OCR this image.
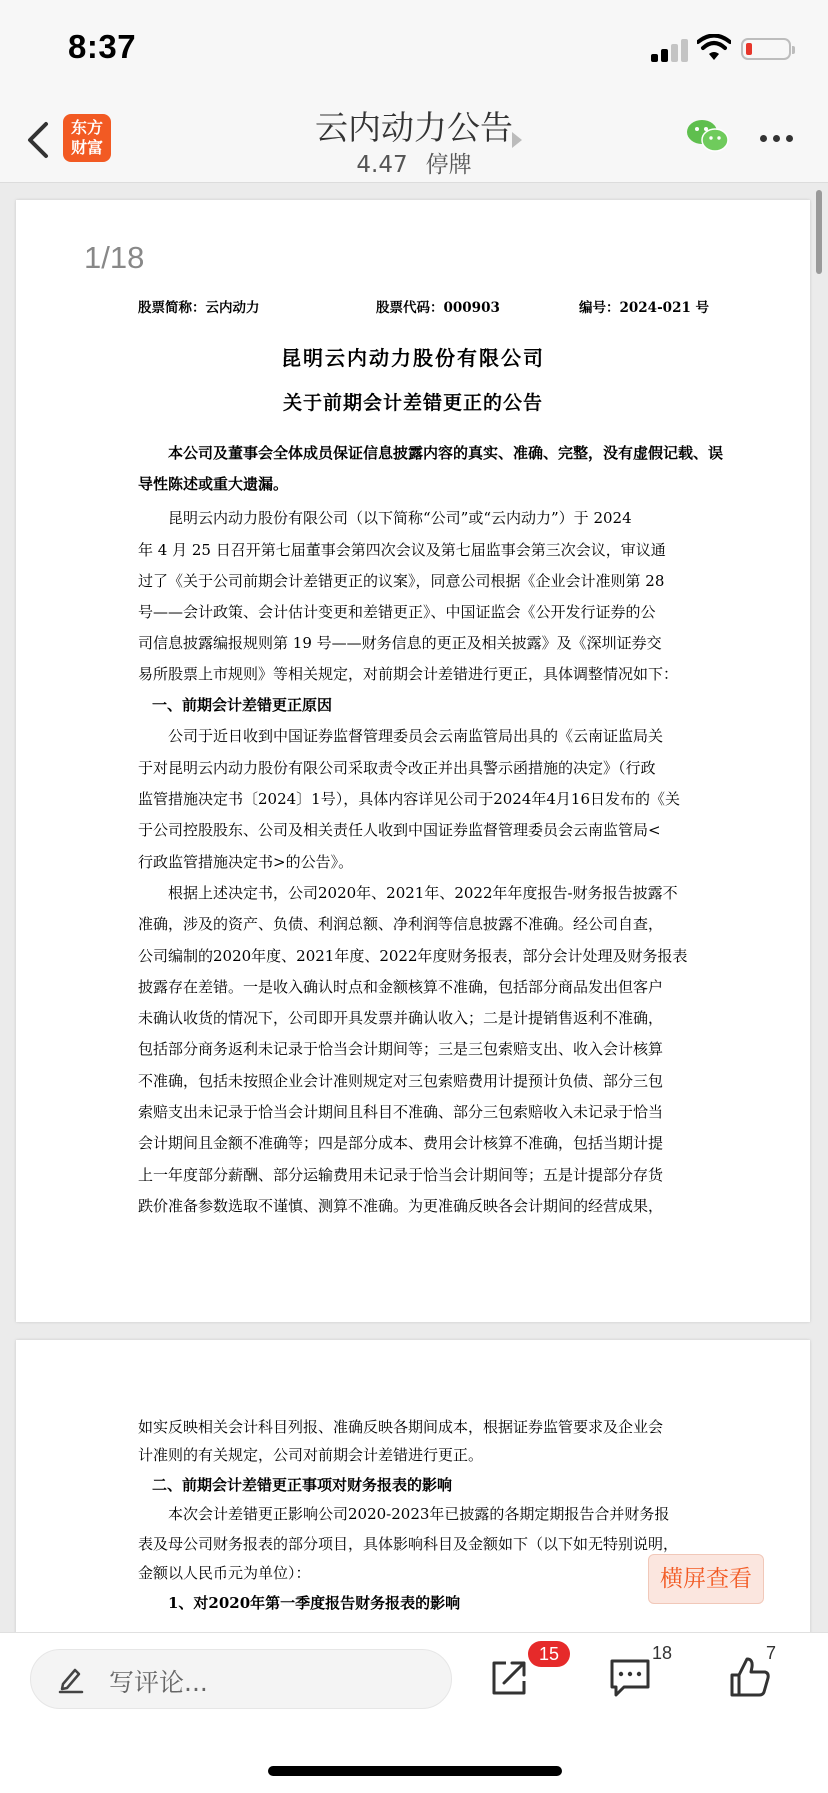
8:37
东方
财富
云内动力公告
4.47 停牌
1/18
股票简称：云内动力	股票代码：000903	编号：2024-021 号
昆明云内动力股份有限公司
关于前期会计差错更正的公告
本公司及董事会全体成员保证信息披露内容的真实、准确、完整，没有虚假记载、误
导性陈述或重大遗漏。
昆明云内动力股份有限公司（以下简称“公司”或“云内动力”）于 2024
年 4 月 25 日召开第七届董事会第四次会议及第七届监事会第三次会议，审议通
过了《关于公司前期会计差错更正的议案》，同意公司根据《企业会计准则第 28
号——会计政策、会计估计变更和差错更正》、中国证监会《公开发行证券的公
司信息披露编报规则第 19 号——财务信息的更正及相关披露》及《深圳证券交
易所股票上市规则》等相关规定，对前期会计差错进行更正，具体调整情况如下：
一、前期会计差错更正原因
公司于近日收到中国证券监督管理委员会云南监管局出具的《云南证监局关
于对昆明云内动力股份有限公司采取责令改正并出具警示函措施的决定》（行政
监管措施决定书〔2024〕1号），具体内容详见公司于2024年4月16日发布的《关
于公司控股股东、公司及相关责任人收到中国证券监督管理委员会云南监管局<
行政监管措施决定书>的公告》。
根据上述决定书，公司2020年、2021年、2022年年度报告-财务报告披露不
准确，涉及的资产、负债、利润总额、净利润等信息披露不准确。经公司自查，
公司编制的2020年度、2021年度、2022年度财务报表，部分会计处理及财务报表
披露存在差错。一是收入确认时点和金额核算不准确，包括部分商品发出但客户
未确认收货的情况下，公司即开具发票并确认收入；二是计提销售返利不准确，
包括部分商务返利未记录于恰当会计期间等；三是三包索赔支出、收入会计核算
不准确，包括未按照企业会计准则规定对三包索赔费用计提预计负债、部分三包
索赔支出未记录于恰当会计期间且科目不准确、部分三包索赔收入未记录于恰当
会计期间且金额不准确等；四是部分成本、费用会计核算不准确，包括当期计提
上一年度部分薪酬、部分运输费用未记录于恰当会计期间等；五是计提部分存货
跌价准备参数选取不谨慎、测算不准确。为更准确反映各会计期间的经营成果，
如实反映相关会计科目列报、准确反映各期间成本，根据证券监管要求及企业会
计准则的有关规定，公司对前期会计差错进行更正。
二、前期会计差错更正事项对财务报表的影响
本次会计差错更正影响公司2020-2023年已披露的各期定期报告合并财务报
表及母公司财务报表的部分项目，具体影响科目及金额如下（以下如无特别说明，
金额以人民币元为单位）：
1、对2020年第一季度报告财务报表的影响
横屏查看
写评论...
15	18	7
